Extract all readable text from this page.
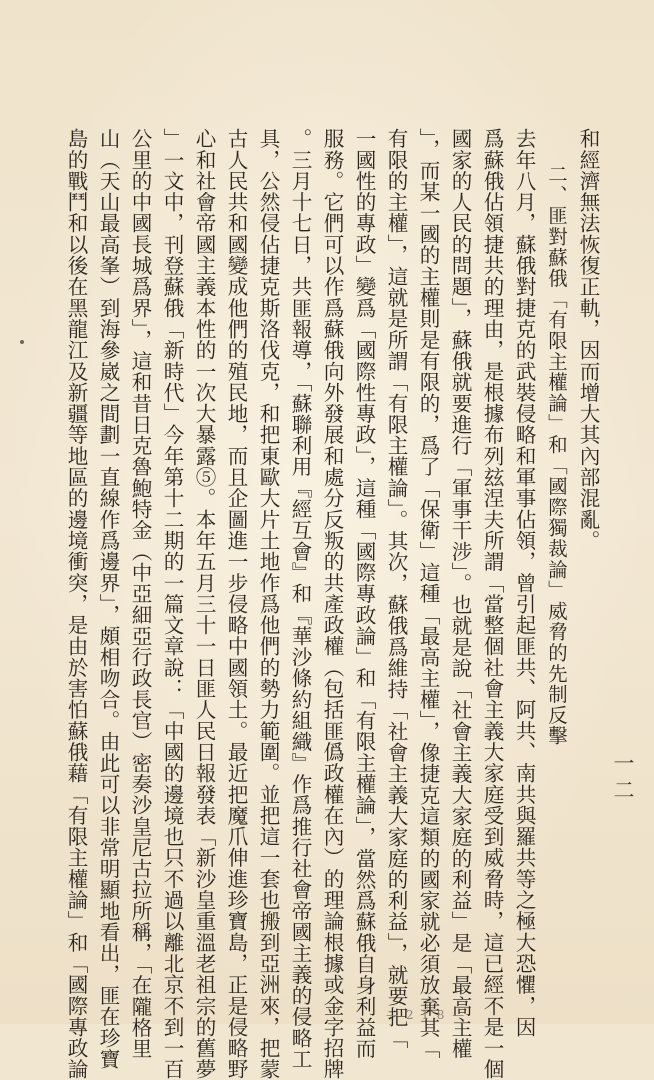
一二

和經濟無法恢復正軌，因而增大其內部混亂。

二、匪對蘇俄「有限主權論」和「國際獨裁論」威脅的先制反擊

去年八月，蘇俄對捷克的武裝侵略和軍事佔領，曾引起匪共、阿共、南共與羅共等之極大恐懼，因

爲蘇俄佔領捷共的理由，是根據布列玆涅夫所謂「當整個社會主義大家庭受到威脅時，這已經不是一個

國家的人民的問題」，蘇俄就要進行「軍事干涉」。也就是說「社會主義大家庭的利益」是「最高主權

」，而某一國的主權則是有限的，爲了「保衛」這種「最高主權」，像捷克這類的國家就必須放棄其「

有限的主權」，這就是所謂「有限主權論」。其次，蘇俄爲維持「社會主義大家庭的利益」，就要把「

一國性的專政」變爲「國際性專政」，這種「國際專政論」和「有限主權論」，當然爲蘇俄自身利益而

服務。它們可以作爲蘇俄向外發展和處分反叛的共產政權（包括匪僞政權在內）的理論根據或金字招牌

。三月十七日，共匪報導，「蘇聯利用『經互會』和『華沙條約組織』作爲推行社會帝國主義的侵略工

具，公然侵佔捷克斯洛伐克，和把東歐大片土地作爲他們的勢力範圍。並把這一套也搬到亞洲來，把蒙

古人民共和國變成他們的殖民地，而且企圖進一步侵略中國領土。最近把魔爪伸進珍寶島，正是侵略野

心和社會帝國主義本性的一次大暴露⑤。本年五月三十一日匪人民日報發表「新沙皇重溫老祖宗的舊夢

」一文中，刊登蘇俄「新時代」今年第十二期的一篇文章說：「中國的邊境也只不過以離北京不到一百

公里的中國長城爲界」，這和昔日克魯鮑特金（中亞細亞行政長官）密奏沙皇尼古拉所稱，「在隴格里

山（天山最高峯）到海參崴之間劃一直線作爲邊界」，頗相吻合。由此可以非常明顯地看出，匪在珍寶

島的戰鬥和以後在黑龍江及新疆等地區的邊境衝突，是由於害怕蘇俄藉「有限主權論」和「國際專政論	— 2 1 8 —
